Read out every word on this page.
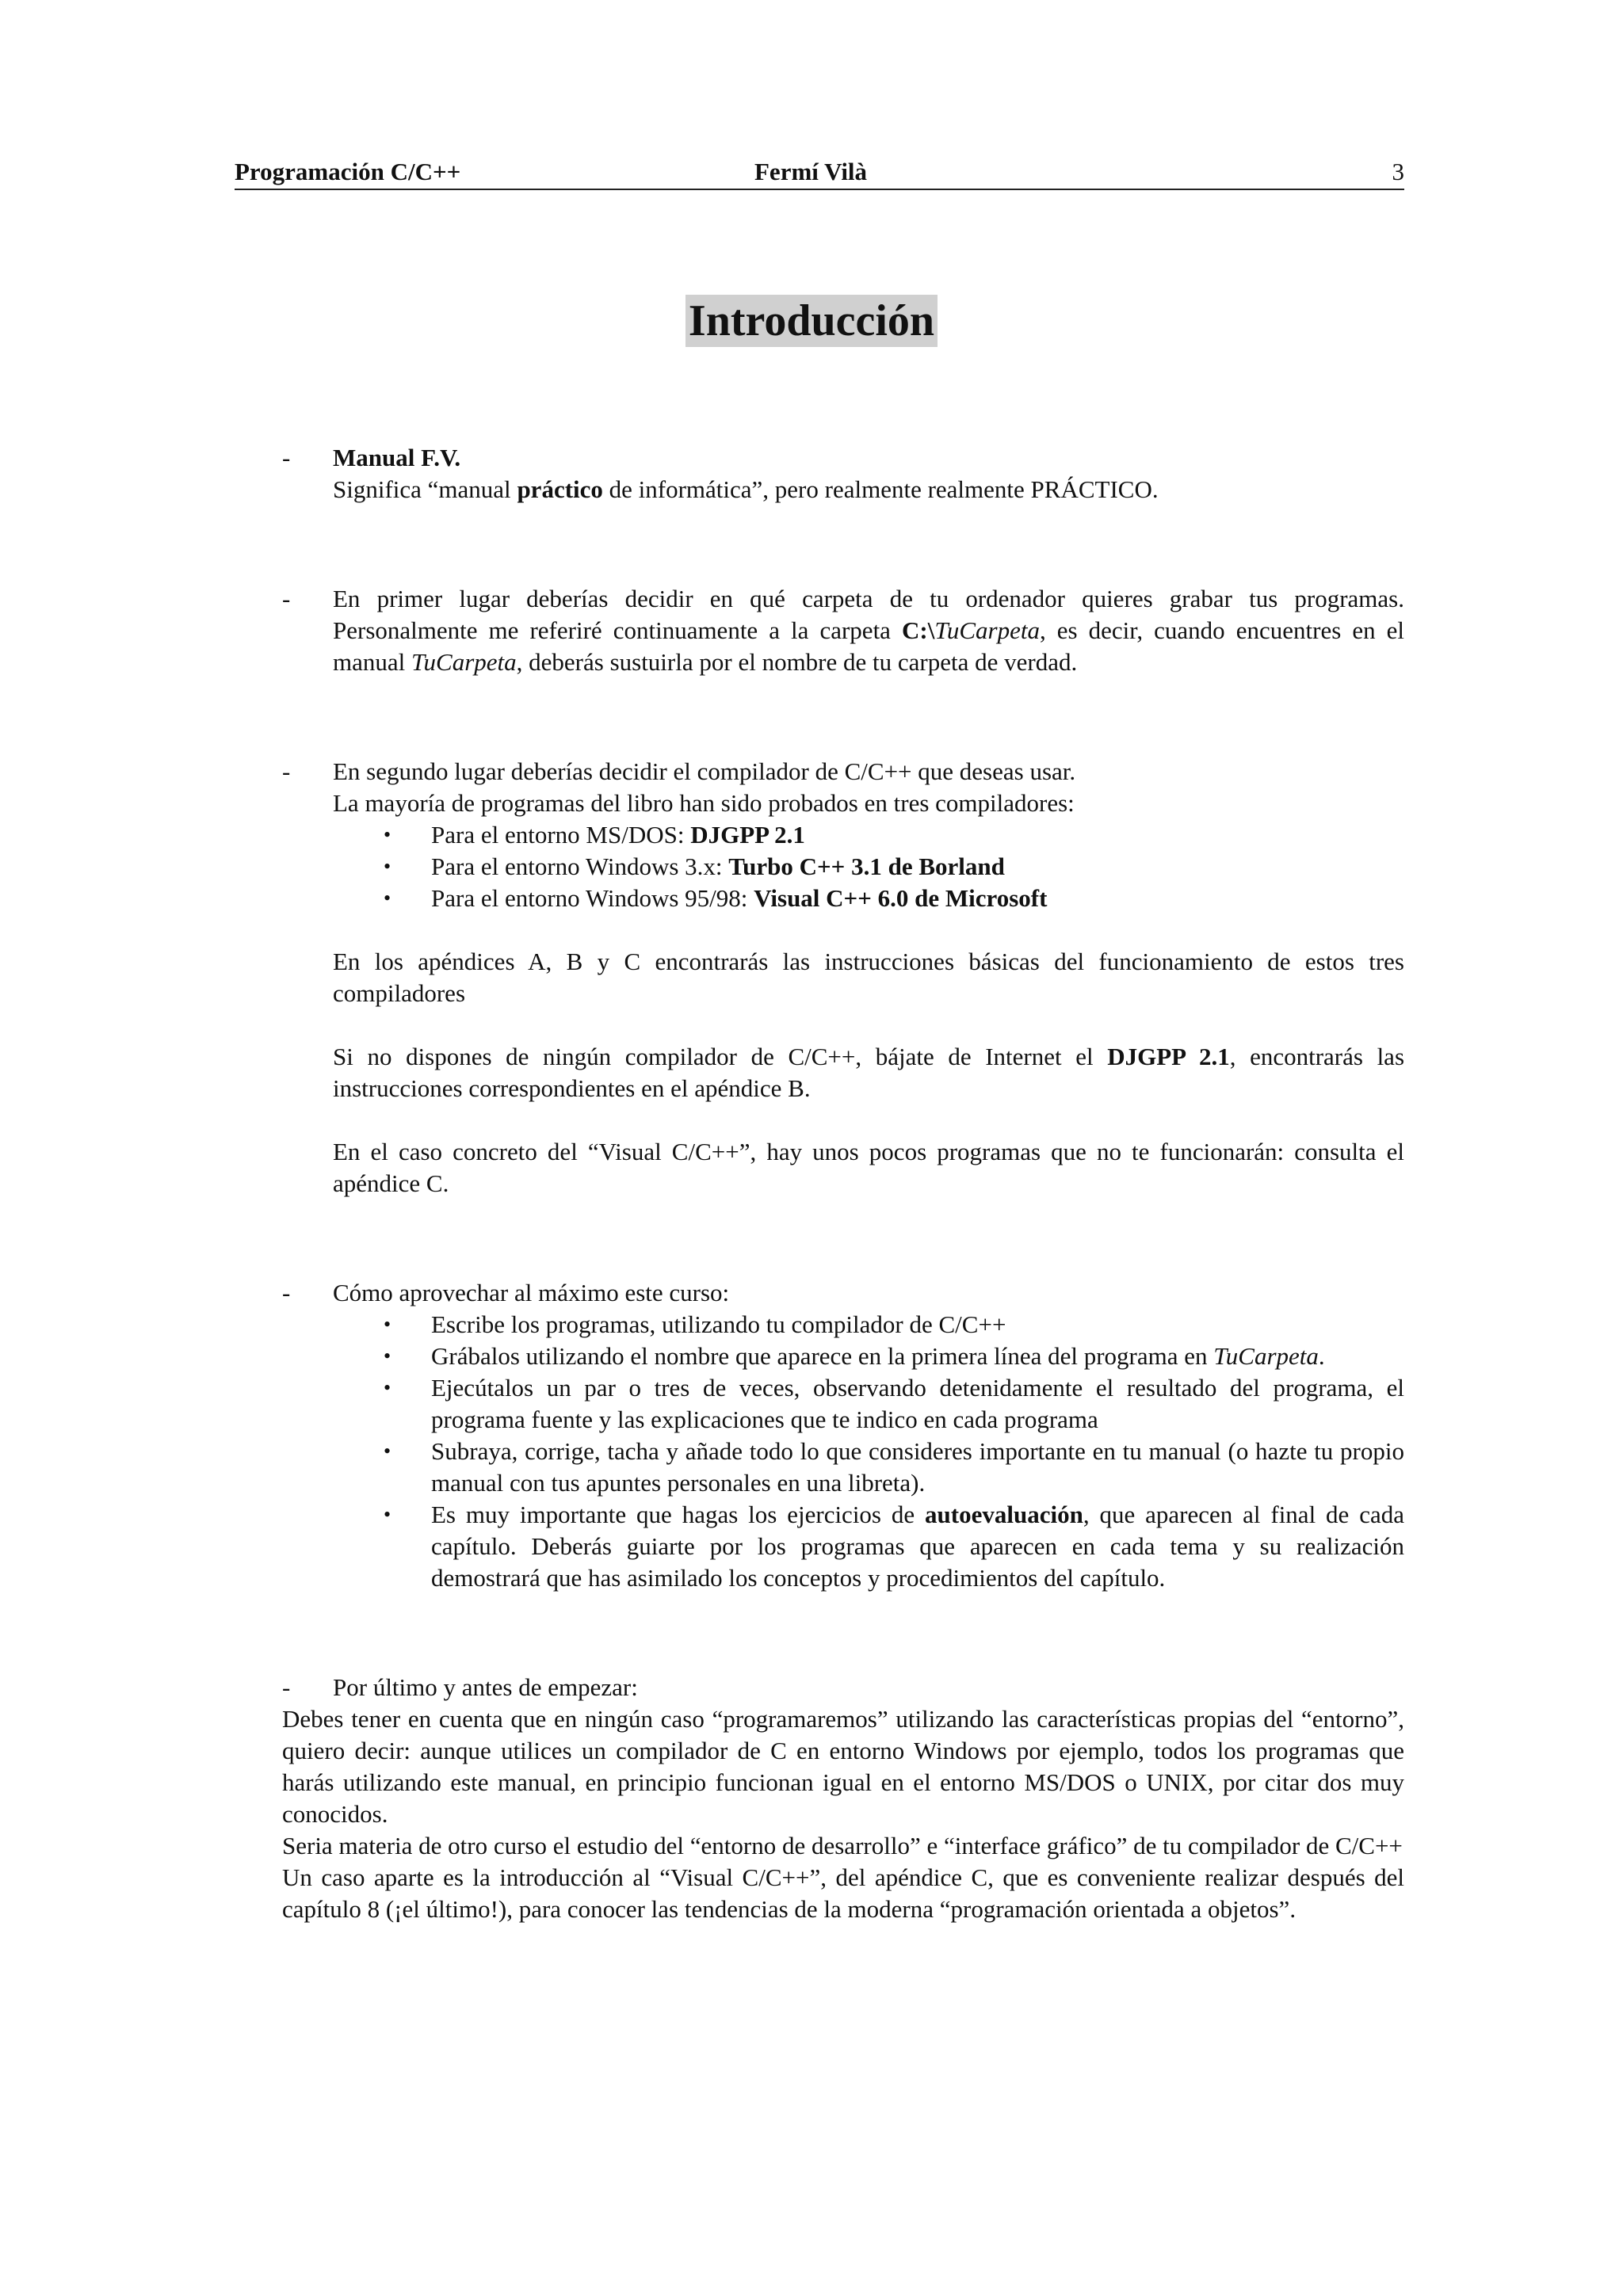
Programación C/C++	Fermí Vilà	3
Introducción
- Manual F.V.

Significa “manual práctico de informática”, pero realmente realmente PRÁCTICO.

- En primer lugar deberías decidir en qué carpeta de tu ordenador quieres grabar tus programas. Personalmente me referiré continuamente a la carpeta C:\TuCarpeta, es decir, cuando encuentres en el manual TuCarpeta, deberás sustuirla por el nombre de tu carpeta de verdad.

- En segundo lugar deberías decidir el compilador de C/C++ que deseas usar.

La mayoría de programas del libro han sido probados en tres compiladores:

• Para el entorno MS/DOS: DJGPP 2.1
• Para el entorno Windows 3.x: Turbo C++ 3.1 de Borland
• Para el entorno Windows 95/98: Visual C++ 6.0 de Microsoft

En los apéndices A, B y C encontrarás las instrucciones básicas del funcionamiento de estos tres compiladores

Si no dispones de ningún compilador de C/C++, bájate de Internet el DJGPP 2.1, encontrarás las instrucciones correspondientes en el apéndice B.

En el caso concreto del “Visual C/C++”, hay unos pocos programas que no te funcionarán: consulta el apéndice C.

- Cómo aprovechar al máximo este curso:

• Escribe los programas, utilizando tu compilador de C/C++
• Grábalos utilizando el nombre que aparece en la primera línea del programa en TuCarpeta.
• Ejecútalos un par o tres de veces, observando detenidamente el resultado del programa, el programa fuente y las explicaciones que te indico en cada programa
• Subraya, corrige, tacha y añade todo lo que consideres importante en tu manual (o hazte tu propio manual con tus apuntes personales en una libreta).
• Es muy importante que hagas los ejercicios de autoevaluación, que aparecen al final de cada capítulo. Deberás guiarte por los programas que aparecen en cada tema y su realización demostrará que has asimilado los conceptos y procedimientos del capítulo.
- Por último y antes de empezar:

Debes tener en cuenta que en ningún caso “programaremos” utilizando las características propias del “entorno”, quiero decir: aunque utilices un compilador de C en entorno Windows por ejemplo, todos los programas que harás utilizando este manual, en principio funcionan igual en el entorno MS/DOS o UNIX, por citar dos muy conocidos.

Seria materia de otro curso el estudio del “entorno de desarrollo” e “interface gráfico” de tu compilador de C/C++

Un caso aparte es la introducción al “Visual C/C++”, del apéndice C, que es conveniente realizar después del capítulo 8 (¡el último!), para conocer las tendencias de la moderna “programación orientada a objetos”.
